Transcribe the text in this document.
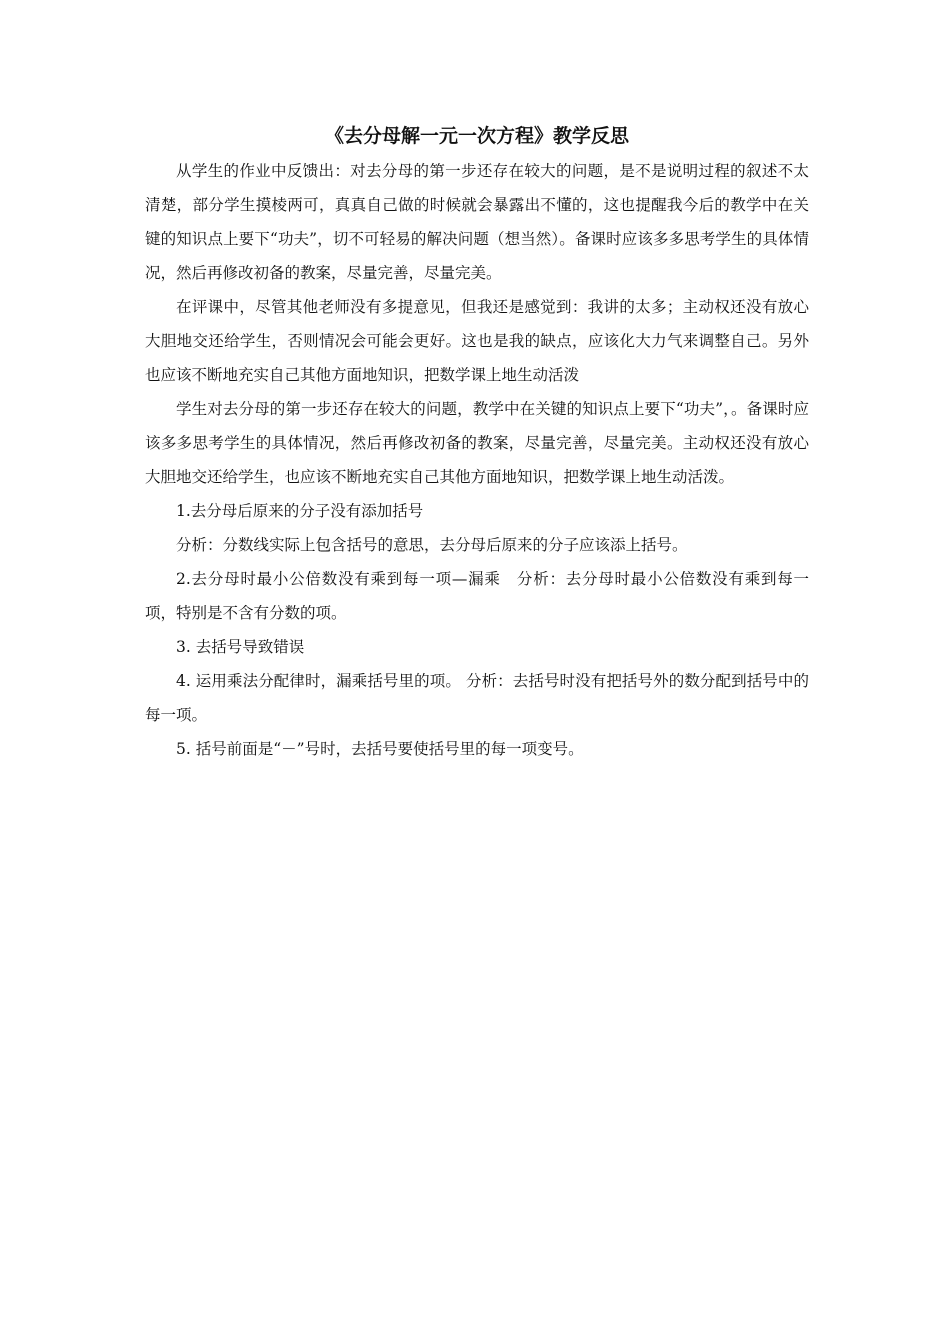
《去分母解一元一次方程》教学反思

从学生的作业中反馈出：对去分母的第一步还存在较大的问题，是不是说明过程的叙述不太清楚，部分学生摸棱两可，真真自己做的时候就会暴露出不懂的，这也提醒我今后的教学中在关键的知识点上要下“功夫”，切不可轻易的解决问题（想当然）。备课时应该多多思考学生的具体情况，然后再修改初备的教案，尽量完善，尽量完美。

在评课中，尽管其他老师没有多提意见，但我还是感觉到：我讲的太多；主动权还没有放心大胆地交还给学生，否则情况会可能会更好。这也是我的缺点，应该化大力气来调整自己。另外也应该不断地充实自己其他方面地知识，把数学课上地生动活泼

学生对去分母的第一步还存在较大的问题，教学中在关键的知识点上要下“功夫”，。备课时应该多多思考学生的具体情况，然后再修改初备的教案，尽量完善，尽量完美。主动权还没有放心大胆地交还给学生，也应该不断地充实自己其他方面地知识，把数学课上地生动活泼。

1.去分母后原来的分子没有添加括号

分析：分数线实际上包含括号的意思，去分母后原来的分子应该添上括号。

2.去分母时最小公倍数没有乘到每一项—漏乘　分析：去分母时最小公倍数没有乘到每一项，特别是不含有分数的项。

3. 去括号导致错误

4. 运用乘法分配律时，漏乘括号里的项。 分析：去括号时没有把括号外的数分配到括号中的每一项。

5. 括号前面是“－”号时，去括号要使括号里的每一项变号。
